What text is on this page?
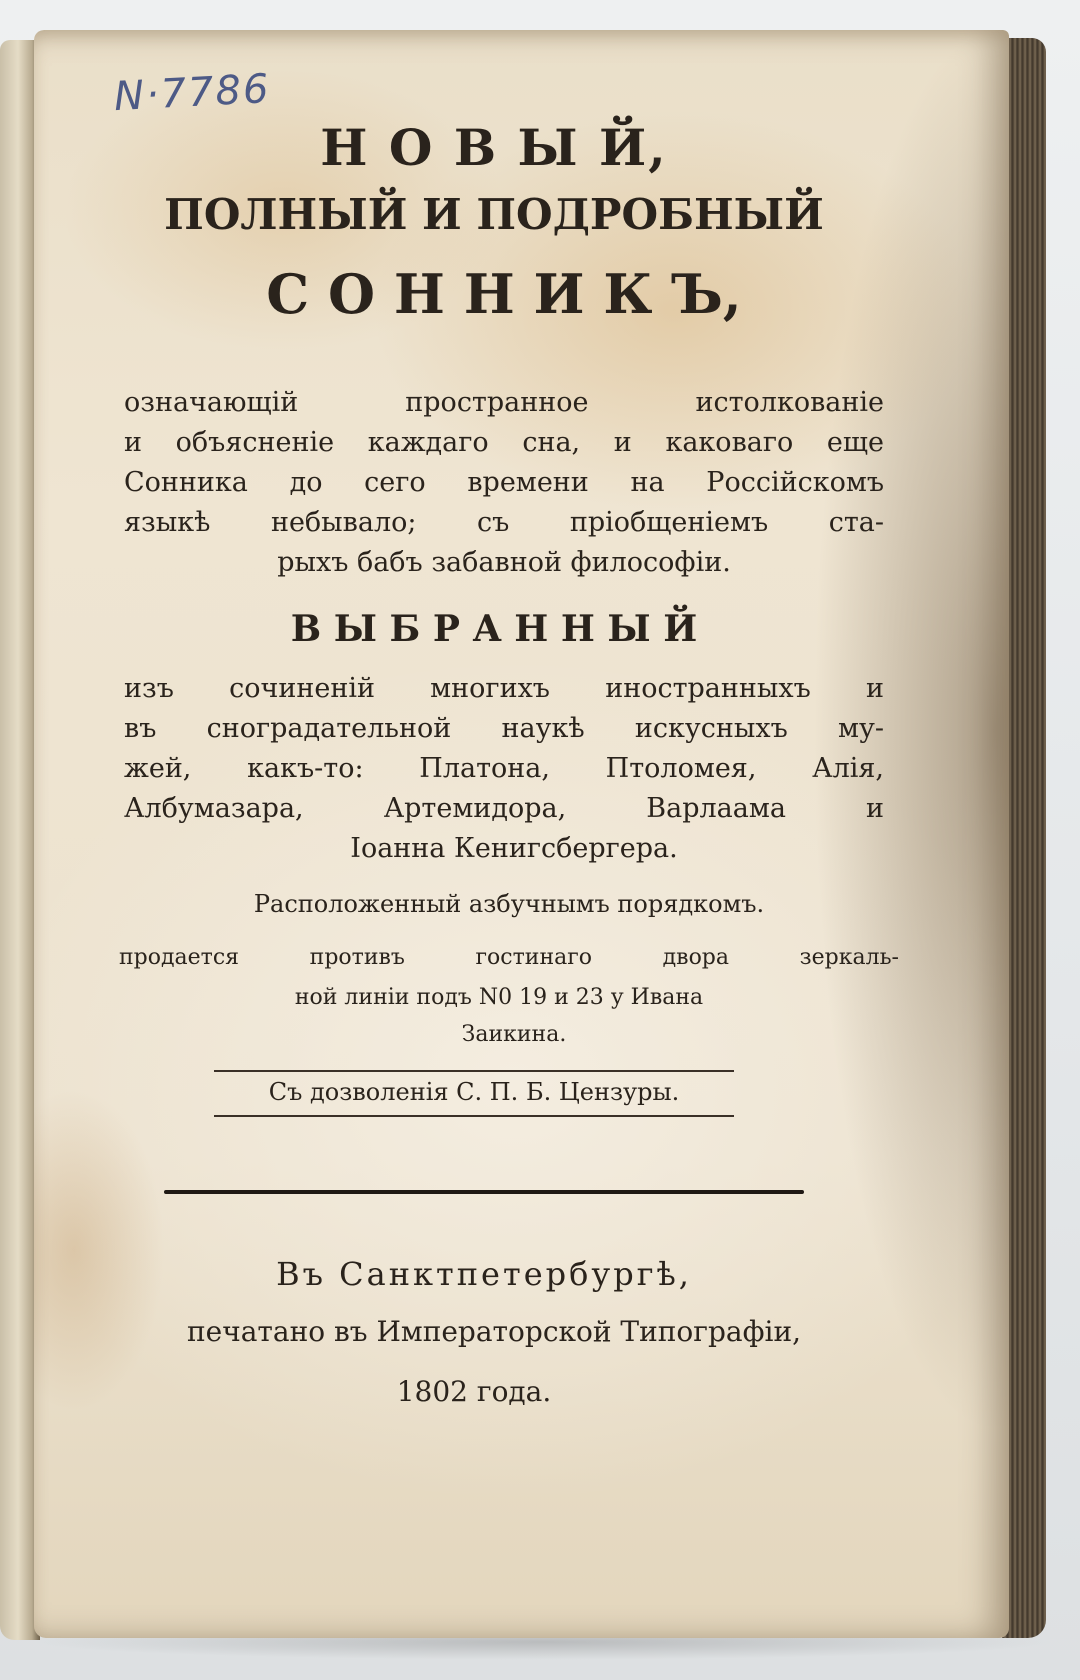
N·7786
Н О В Ы Й,
ПОЛНЫЙ И ПОДРОБНЫЙ
С О Н Н И К Ъ,
означающій пространное истолкованіе
и объясненіе каждаго сна, и каковаго еще
Сонника до сего времени на Россійскомъ
языкѣ небывало; съ пріобщеніемъ ста-
рыхъ бабъ забавной философіи.
В Ы Б Р А Н Н Ы Й
изъ сочиненій многихъ иностранныхъ и
въ сноградательной наукѣ искусныхъ му-
жей, какъ-то: Платона, Птоломея, Алія,
Албумазара, Артемидора, Варлаама и
Іоанна Кенигсбергера.
Расположенный азбучнымъ порядкомъ.
продается противъ гостинаго двора зеркаль-
ной линіи подъ N0 19 и 23 у Ивана
Заикина.
Съ дозволенія С. П. Б. Цензуры.
Въ Санктпетербургѣ,
печатано въ Императорской Типографіи,
1802 года.
